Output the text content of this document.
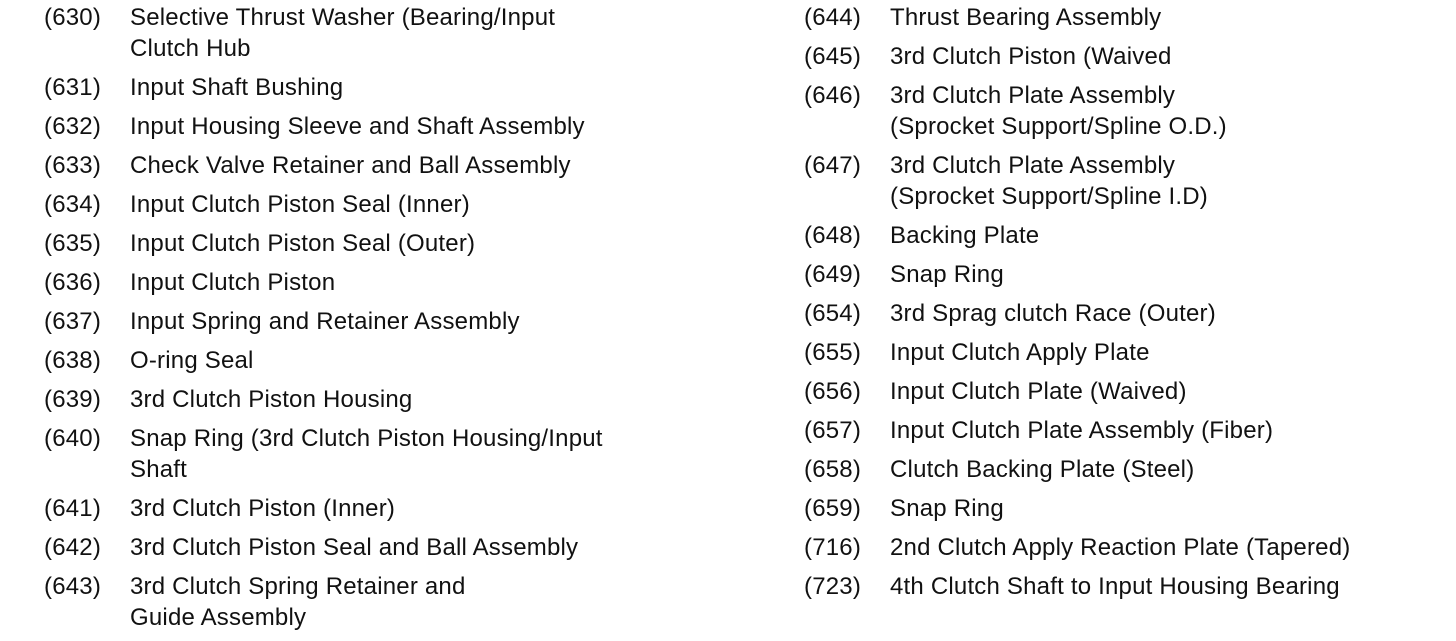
(630)	Selective Thrust Washer (Bearing/Input
Clutch Hub
(631)	Input Shaft Bushing
(632)	Input Housing Sleeve and Shaft Assembly
(633)	Check Valve Retainer and Ball Assembly
(634)	Input Clutch Piston Seal (Inner)
(635)	Input Clutch Piston Seal (Outer)
(636)	Input Clutch Piston
(637)	Input Spring and Retainer Assembly
(638)	O-ring Seal
(639)	3rd Clutch Piston Housing
(640)	Snap Ring (3rd Clutch Piston Housing/Input
Shaft
(641)	3rd Clutch Piston (Inner)
(642)	3rd Clutch Piston Seal and Ball Assembly
(643)	3rd Clutch Spring Retainer and
Guide Assembly
(644)	Thrust Bearing Assembly
(645)	3rd Clutch Piston (Waived
(646)	3rd Clutch Plate Assembly
(Sprocket Support/Spline O.D.)
(647)	3rd Clutch Plate Assembly
(Sprocket Support/Spline I.D)
(648)	Backing Plate
(649)	Snap Ring
(654)	3rd Sprag clutch Race (Outer)
(655)	Input Clutch Apply Plate
(656)	Input Clutch Plate (Waived)
(657)	Input Clutch Plate Assembly (Fiber)
(658)	Clutch Backing Plate (Steel)
(659)	Snap Ring
(716)	2nd Clutch Apply Reaction Plate (Tapered)
(723)	4th Clutch Shaft to Input Housing Bearing
